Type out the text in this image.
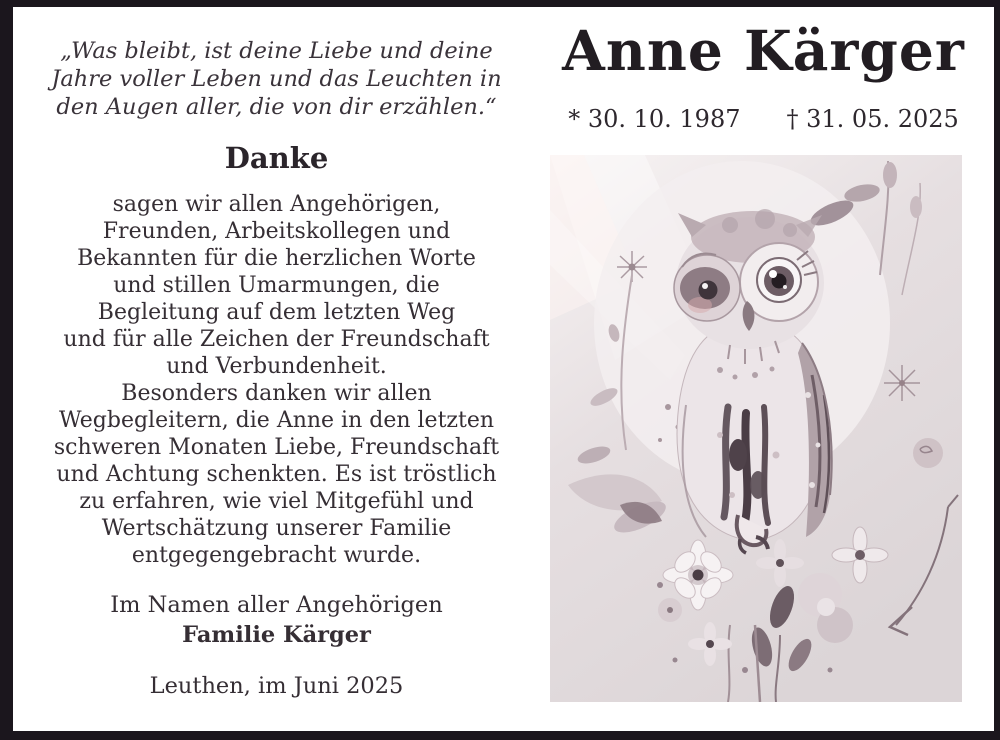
„Was bleibt, ist deine Liebe und deine
Jahre voller Leben und das Leuchten in
den Augen aller, die von dir erzählen.“
Danke
sagen wir allen Angehörigen,
Freunden, Arbeitskollegen und
Bekannten für die herzlichen Worte
und stillen Umarmungen, die
Begleitung auf dem letzten Weg
und für alle Zeichen der Freundschaft
und Verbundenheit.
Besonders danken wir allen
Wegbegleitern, die Anne in den letzten
schweren Monaten Liebe, Freundschaft
und Achtung schenkten. Es ist tröstlich
zu erfahren, wie viel Mitgefühl und
Wertschätzung unserer Familie
entgegengebracht wurde.
Im Namen aller Angehörigen
Familie Kärger
Leuthen, im Juni 2025
Anne Kärger
* 30. 10. 1987 † 31. 05. 2025
